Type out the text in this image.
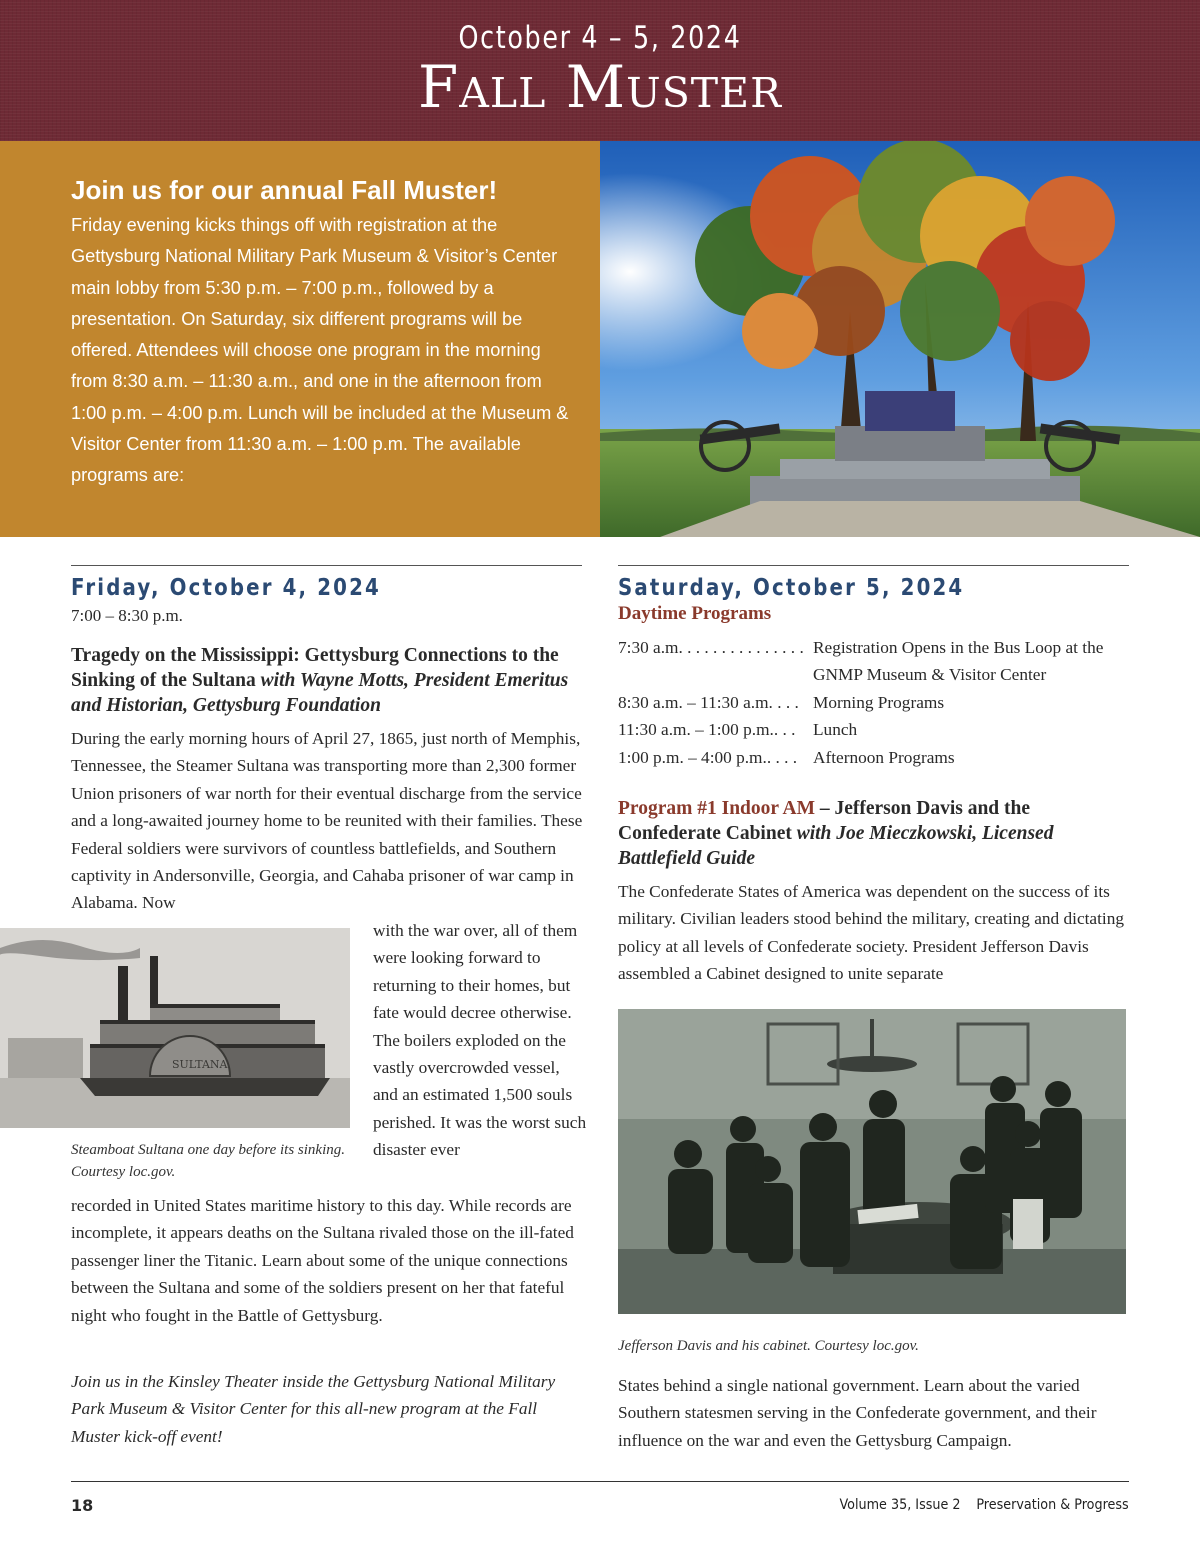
October 4 – 5, 2024
Fall Muster
Join us for our annual Fall Muster!

Friday evening kicks things off with registration at the Gettysburg National Military Park Museum & Visitor’s Center main lobby from 5:30 p.m. – 7:00 p.m., followed by a presentation. On Saturday, six different programs will be offered. Attendees will choose one program in the morning from 8:30 a.m. – 11:30 a.m., and one in the afternoon from 1:00 p.m. – 4:00 p.m. Lunch will be included at the Museum & Visitor Center from 11:30 a.m. – 1:00 p.m. The available programs are:

Friday, October 4, 2024
7:00 – 8:30 p.m.
Tragedy on the Mississippi: Gettysburg Connections to the Sinking of the Sultana with Wayne Motts, President Emeritus and Historian, Gettysburg Foundation

During the early morning hours of April 27, 1865, just north of Memphis, Tennessee, the Steamer Sultana was transporting more than 2,300 former Union prisoners of war north for their eventual discharge from the service and a long-awaited journey home to be reunited with their families. These Federal soldiers were survivors of countless battlefields, and Southern captivity in Andersonville, Georgia, and Cahaba prisoner of war camp in Alabama. Now

SULTANA
Steamboat Sultana one day before its sinking. Courtesy loc.gov.

with the war over, all of them were looking forward to returning to their homes, but fate would decree otherwise. The boilers exploded on the vastly overcrowded vessel, and an estimated 1,500 souls perished. It was the worst such disaster ever

recorded in United States maritime history to this day. While records are incomplete, it appears deaths on the Sultana rivaled those on the ill-fated passenger liner the Titanic. Learn about some of the unique connections between the Sultana and some of the soldiers present on her that fateful night who fought in the Battle of Gettysburg.

Join us in the Kinsley Theater inside the Gettysburg National Military Park Museum & Visitor Center for this all-new program at the Fall Muster kick-off event!

Saturday, October 5, 2024
Daytime Programs
7:30 a.m. . . . . . . . . . . . . . . Registration Opens in the Bus Loop at the GNMP Museum & Visitor Center
8:30 a.m. – 11:30 a.m. . . . Morning Programs
11:30 a.m. – 1:00 p.m.. . .	Lunch
1:00 p.m. – 4:00 p.m.. . . . Afternoon Programs
Program #1 Indoor AM – Jefferson Davis and the Confederate Cabinet with Joe Mieczkowski, Licensed Battlefield Guide

The Confederate States of America was dependent on the success of its military. Civilian leaders stood behind the military, creating and dictating policy at all levels of Confederate society. President Jefferson Davis assembled a Cabinet designed to unite separate

Jefferson Davis and his cabinet. Courtesy loc.gov.

States behind a single national government. Learn about the varied Southern statesmen serving in the Confederate government, and their influence on the war and even the Gettysburg Campaign.

18	Volume 35, Issue 2 Preservation & Progress
